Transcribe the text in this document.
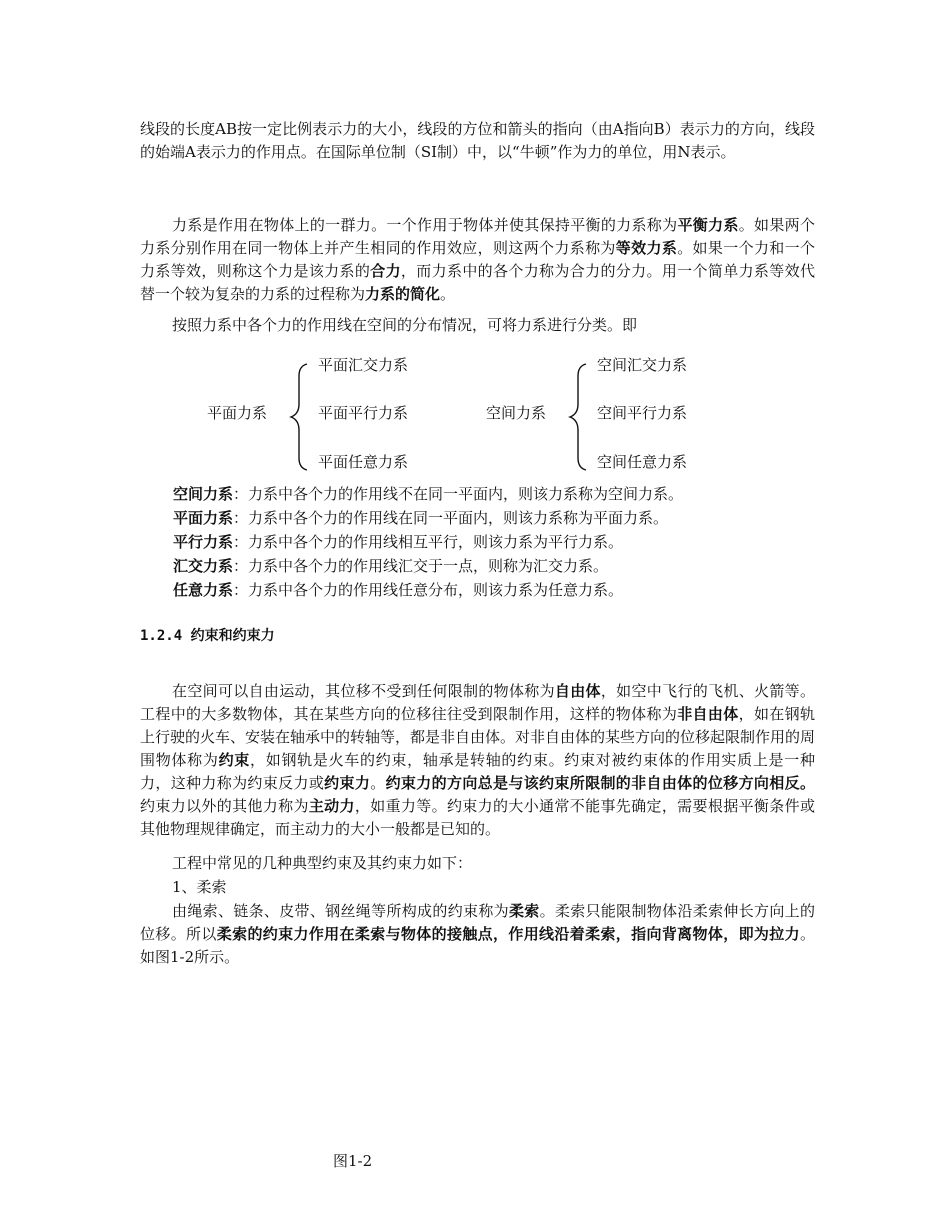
线段的长度AB按一定比例表示力的大小，线段的方位和箭头的指向（由A指向B）表示力的方向，线段的始端A表示力的作用点。在国际单位制（SI制）中，以“牛顿”作为力的单位，用N表示。

力系是作用在物体上的一群力。一个作用于物体并使其保持平衡的力系称为平衡力系。如果两个力系分别作用在同一物体上并产生相同的作用效应，则这两个力系称为等效力系。如果一个力和一个力系等效，则称这个力是该力系的合力，而力系中的各个力称为合力的分力。用一个简单力系等效代替一个较为复杂的力系的过程称为力系的简化。

按照力系中各个力的作用线在空间的分布情况，可将力系进行分类。即

平面力系
平面汇交力系
平面平行力系
平面任意力系
空间力系
空间汇交力系
空间平行力系
空间任意力系
空间力系：力系中各个力的作用线不在同一平面内，则该力系称为空间力系。
平面力系：力系中各个力的作用线在同一平面内，则该力系称为平面力系。
平行力系：力系中各个力的作用线相互平行，则该力系为平行力系。
汇交力系：力系中各个力的作用线汇交于一点，则称为汇交力系。
任意力系：力系中各个力的作用线任意分布，则该力系为任意力系。
1.2.4 约束和约束力

在空间可以自由运动，其位移不受到任何限制的物体称为自由体，如空中飞行的飞机、火箭等。工程中的大多数物体，其在某些方向的位移往往受到限制作用，这样的物体称为非自由体，如在钢轨上行驶的火车、安装在轴承中的转轴等，都是非自由体。对非自由体的某些方向的位移起限制作用的周围物体称为约束，如钢轨是火车的约束，轴承是转轴的约束。约束对被约束体的作用实质上是一种力，这种力称为约束反力或约束力。约束力的方向总是与该约束所限制的非自由体的位移方向相反。约束力以外的其他力称为主动力，如重力等。约束力的大小通常不能事先确定，需要根据平衡条件或其他物理规律确定，而主动力的大小一般都是已知的。

工程中常见的几种典型约束及其约束力如下：

1、柔索

由绳索、链条、皮带、钢丝绳等所构成的约束称为柔索。柔索只能限制物体沿柔索伸长方向上的位移。所以柔索的约束力作用在柔索与物体的接触点，作用线沿着柔索，指向背离物体，即为拉力。如图1-2所示。

图1-2
